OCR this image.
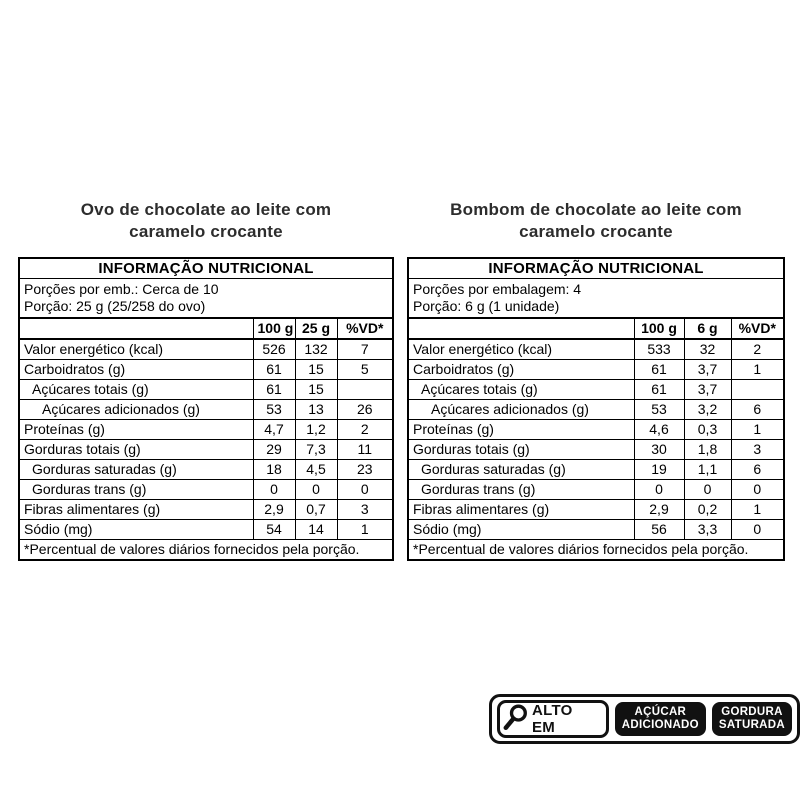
Ovo de chocolate ao leite com
caramelo crocante
INFORMAÇÃO NUTRICIONAL			

Porções por emb.: Cerca de 10
Porção: 25 g (25/258 do ovo)			

	100 g	25 g	%VD*
Valor energético (kcal)	526	132	7
Carboidratos (g)	61	15	5
Açúcares totais (g)	61	15	
Açúcares adicionados (g)	53	13	26
Proteínas (g)	4,7	1,2	2
Gorduras totais (g)	29	7,3	11
Gorduras saturadas (g)	18	4,5	23
Gorduras trans (g)	0	0	0
Fibras alimentares (g)	2,9	0,7	3
Sódio (mg)	54	14	1
*Percentual de valores diários fornecidos pela porção.			
Bombom de chocolate ao leite com
caramelo crocante
INFORMAÇÃO NUTRICIONAL			

Porções por embalagem: 4
Porção: 6 g (1 unidade)			

	100 g	6 g	%VD*
Valor energético (kcal)	533	32	2
Carboidratos (g)	61	3,7	1
Açúcares totais (g)	61	3,7	
Açúcares adicionados (g)	53	3,2	6
Proteínas (g)	4,6	0,3	1
Gorduras totais (g)	30	1,8	3
Gorduras saturadas (g)	19	1,1	6
Gorduras trans (g)	0	0	0
Fibras alimentares (g)	2,9	0,2	1
Sódio (mg)	56	3,3	0
*Percentual de valores diários fornecidos pela porção.			
ALTO EM
AÇÚCAR
ADICIONADO
GORDURA
SATURADA
